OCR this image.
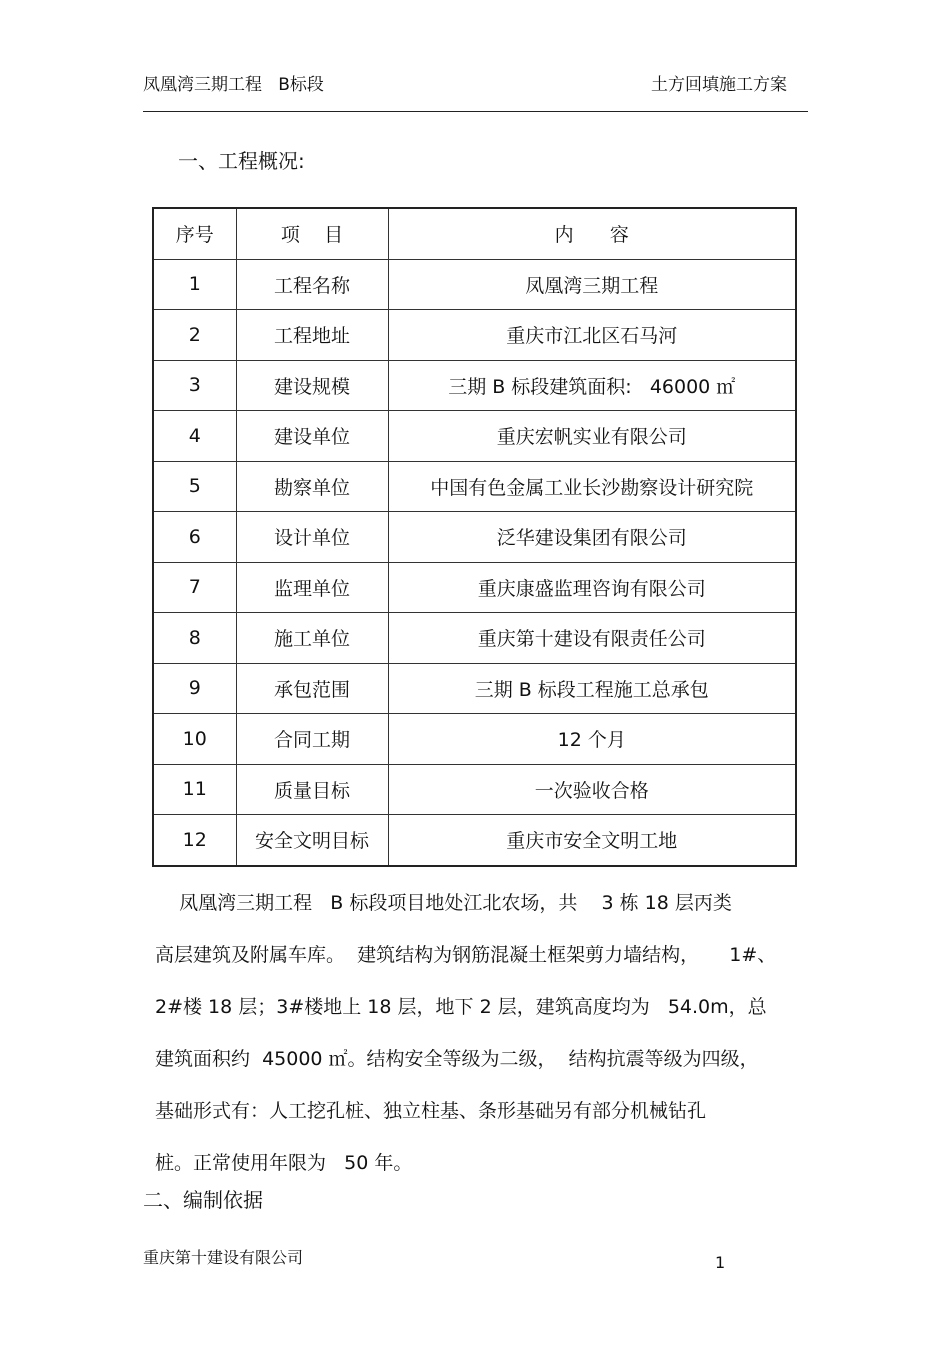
凤凰湾三期工程   B标段	土方回填施工方案
一、工程概况:
序号	项    目	内      容
1	工程名称	凤凰湾三期工程
2	工程地址	重庆市江北区石马河
3	建设规模	三期 B 标段建筑面积:   46000 ㎡
4	建设单位	重庆宏帆实业有限公司
5	勘察单位	中国有色金属工业长沙勘察设计研究院
6	设计单位	泛华建设集团有限公司
7	监理单位	重庆康盛监理咨询有限公司
8	施工单位	重庆第十建设有限责任公司
9	承包范围	三期 B 标段工程施工总承包
10	合同工期	12 个月
11	质量目标	一次验收合格
12	安全文明目标	重庆市安全文明工地

凤凰湾三期工程   B 标段项目地处江北农场，共    3 栋 18 层丙类

高层建筑及附属车库。  建筑结构为钢筋混凝土框架剪力墙结构，     1#、

2#楼 18 层；3#楼地上 18 层，地下 2 层，建筑高度均为   54.0m，总

建筑面积约  45000 ㎡。结构安全等级为二级，  结构抗震等级为四级，

基础形式有：人工挖孔桩、独立柱基、条形基础另有部分机械钻孔

桩。正常使用年限为   50 年。

二、编制依据
重庆第十建设有限公司	1
